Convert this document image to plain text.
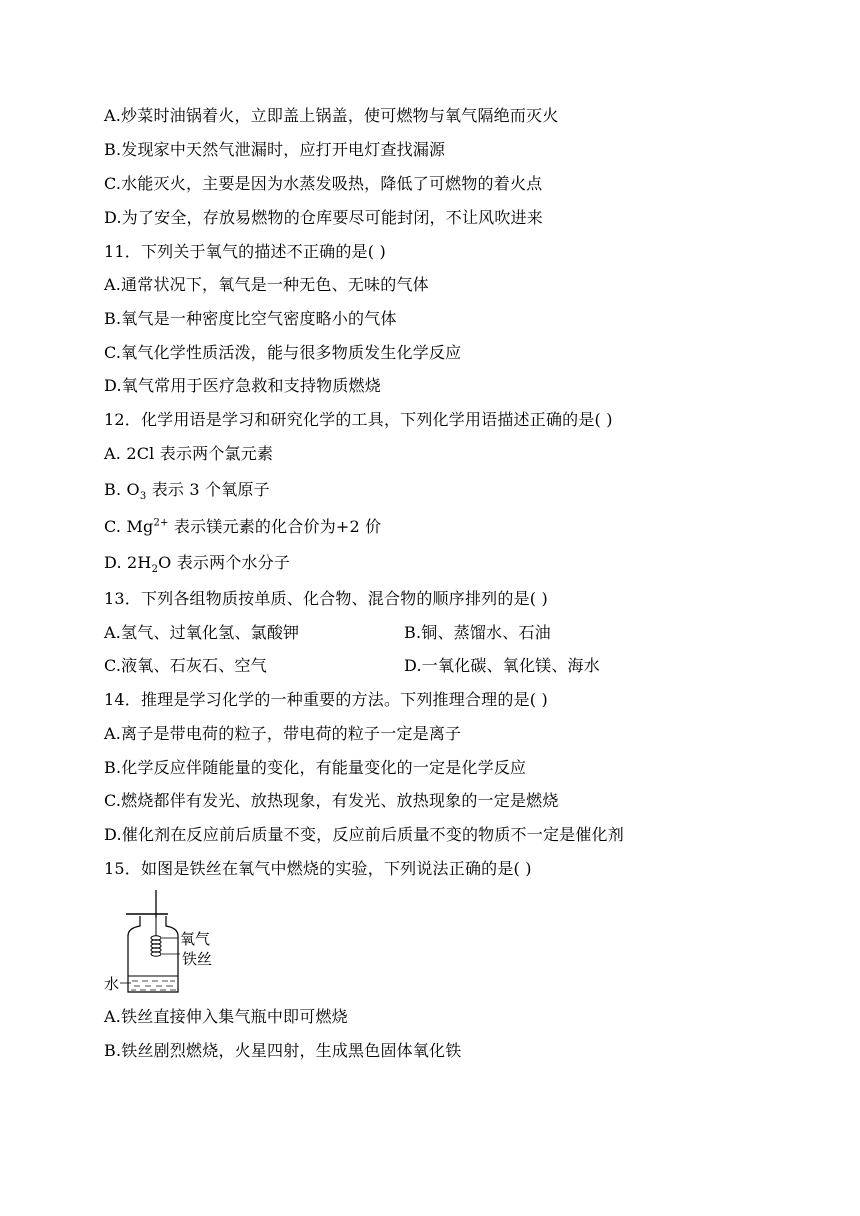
A.炒菜时油锅着火，立即盖上锅盖，使可燃物与氧气隔绝而灭火
B.发现家中天然气泄漏时，应打开电灯查找漏源
C.水能灭火，主要是因为水蒸发吸热，降低了可燃物的着火点
D.为了安全，存放易燃物的仓库要尽可能封闭，不让风吹进来
11．下列关于氧气的描述不正确的是( )
A.通常状况下，氧气是一种无色、无味的气体
B.氧气是一种密度比空气密度略小的气体
C.氧气化学性质活泼，能与很多物质发生化学反应
D.氧气常用于医疗急救和支持物质燃烧
12．化学用语是学习和研究化学的工具，下列化学用语描述正确的是( )
A. 2Cl 表示两个氯元素
B. $O_3$ 表示 3 个氧原子
C. $Mg^{2+}$ 表示镁元素的化合价为+2 价
D. $2H_2O$ 表示两个水分子
13．下列各组物质按单质、化合物、混合物的顺序排列的是( )
A.氢气、过氧化氢、氯酸钾	B.铜、蒸馏水、石油
C.液氧、石灰石、空气	D.一氧化碳、氧化镁、海水
14．推理是学习化学的一种重要的方法。下列推理合理的是( )
A.离子是带电荷的粒子，带电荷的粒子一定是离子
B.化学反应伴随能量的变化，有能量变化的一定是化学反应
C.燃烧都伴有发光、放热现象，有发光、放热现象的一定是燃烧
D.催化剂在反应前后质量不变，反应前后质量不变的物质不一定是催化剂
15．如图是铁丝在氧气中燃烧的实验，下列说法正确的是( )
氧气
铁丝
水
A.铁丝直接伸入集气瓶中即可燃烧
B.铁丝剧烈燃烧，火星四射，生成黑色固体氧化铁
